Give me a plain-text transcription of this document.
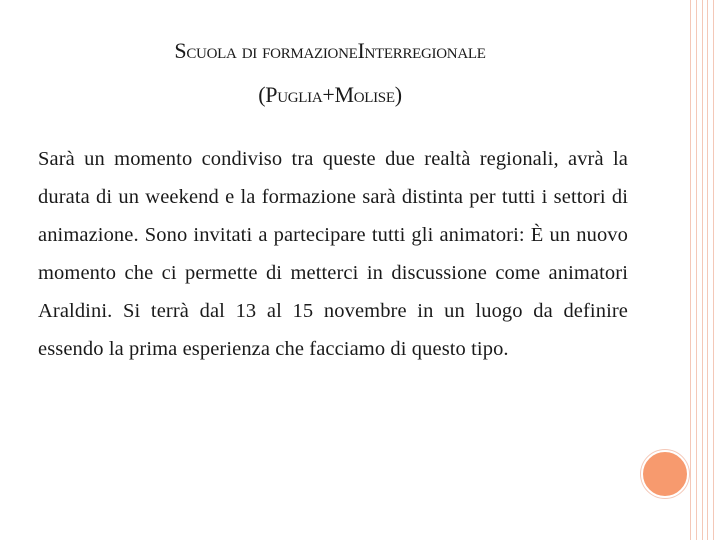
Scuola di formazioneInterregionale
(Puglia+Molise)
Sarà un momento condiviso tra queste due realtà regionali, avrà la durata di un weekend e la formazione sarà distinta per tutti i settori di animazione. Sono invitati a partecipare tutti gli animatori: È un nuovo momento che ci permette di metterci in discussione come animatori Araldini. Si terrà dal 13 al 15 novembre in un luogo da definire essendo la prima esperienza che facciamo di questo tipo.
